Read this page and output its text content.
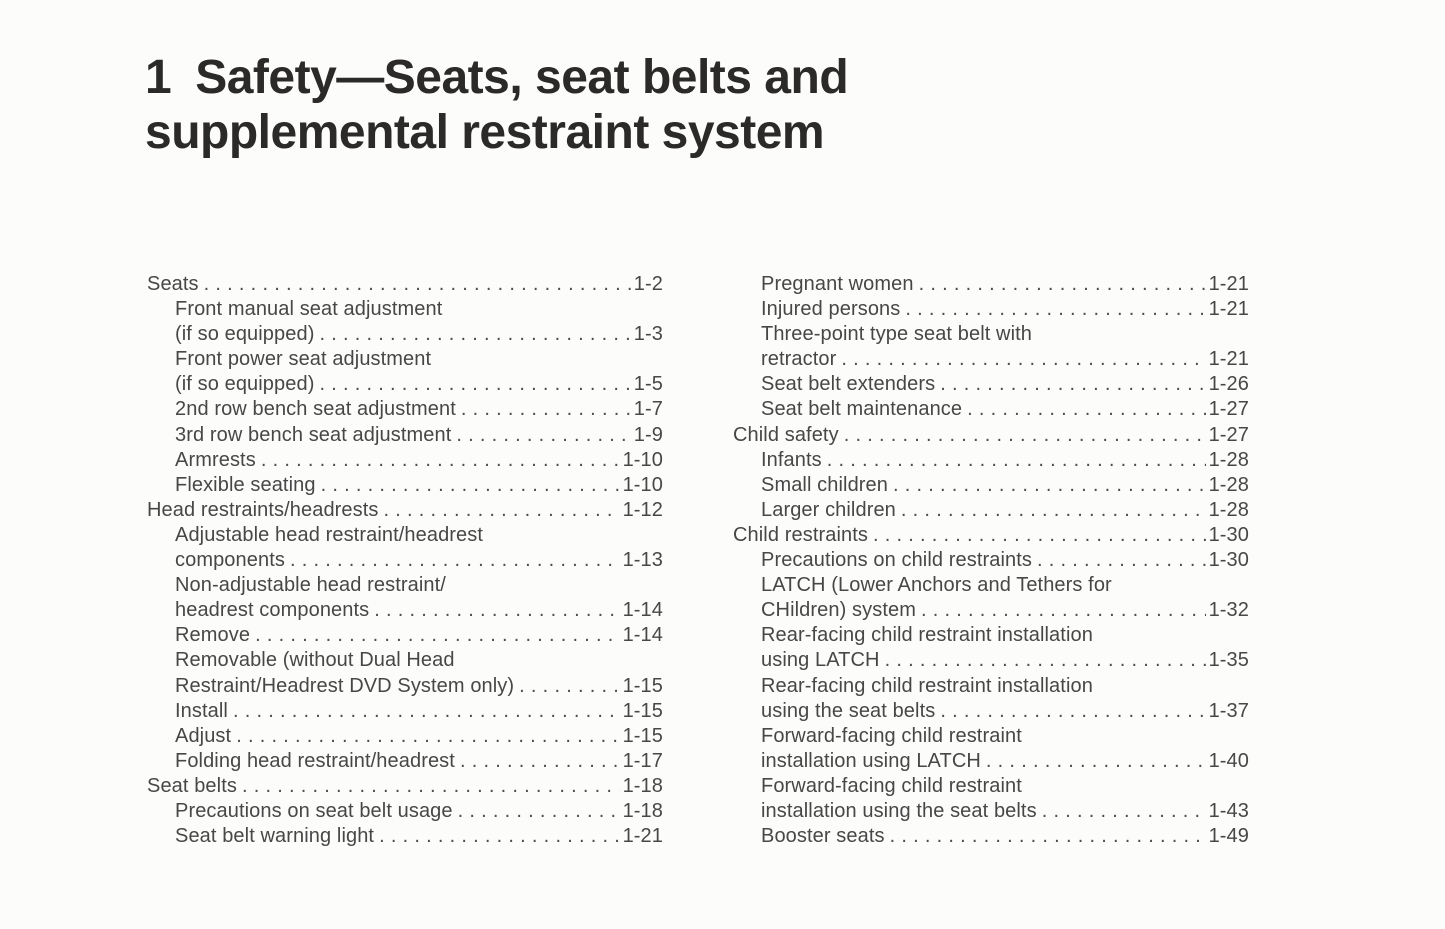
1 Safety—Seats, seat belts and
supplemental restraint system
Seats .....	1-2
Front manual seat adjustment
(if so equipped) .....	1-3
Front power seat adjustment
(if so equipped) .....	1-5
2nd row bench seat adjustment .....	1-7
3rd row bench seat adjustment .....	1-9
Armrests .....	1-10
Flexible seating .....	1-10
Head restraints/headrests .....	1-12
Adjustable head restraint/headrest
components .....	1-13
Non-adjustable head restraint/
headrest components .....	1-14
Remove .....	1-14
Removable (without Dual Head
Restraint/Headrest DVD System only) .....	1-15
Install .....	1-15
Adjust .....	1-15
Folding head restraint/headrest .....	1-17
Seat belts .....	1-18
Precautions on seat belt usage .....	1-18
Seat belt warning light .....	1-21
Pregnant women .....	1-21
Injured persons .....	1-21
Three-point type seat belt with
retractor .....	1-21
Seat belt extenders .....	1-26
Seat belt maintenance .....	1-27
Child safety .....	1-27
Infants .....	1-28
Small children .....	1-28
Larger children .....	1-28
Child restraints .....	1-30
Precautions on child restraints .....	1-30
LATCH (Lower Anchors and Tethers for
CHildren) system .....	1-32
Rear-facing child restraint installation
using LATCH .....	1-35
Rear-facing child restraint installation
using the seat belts .....	1-37
Forward-facing child restraint
installation using LATCH .....	1-40
Forward-facing child restraint
installation using the seat belts .....	1-43
Booster seats .....	1-49
